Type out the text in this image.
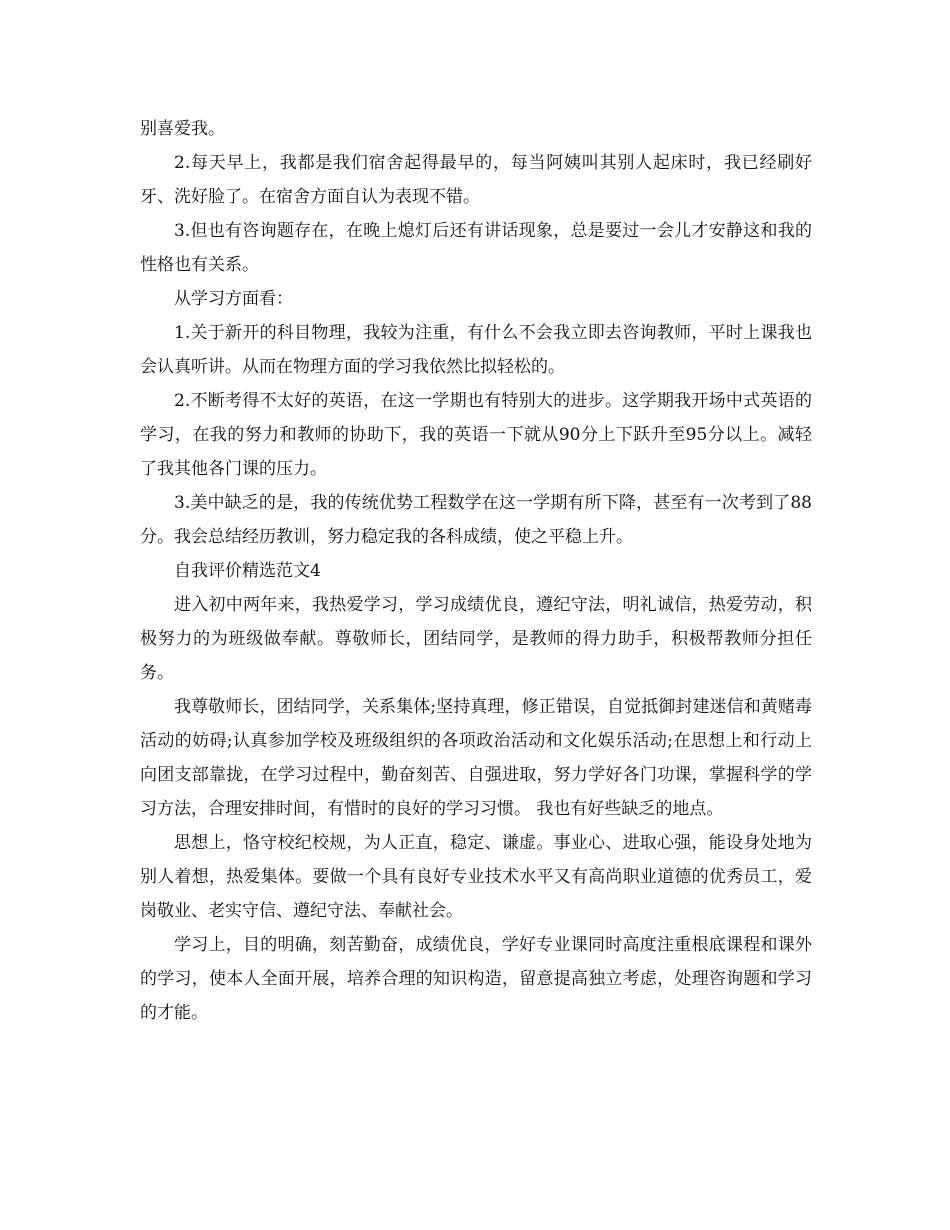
别喜爱我。

2.每天早上，我都是我们宿舍起得最早的，每当阿姨叫其别人起床时，我已经刷好牙、洗好脸了。在宿舍方面自认为表现不错。

3.但也有咨询题存在，在晚上熄灯后还有讲话现象，总是要过一会儿才安静这和我的性格也有关系。

从学习方面看：

1.关于新开的科目物理，我较为注重，有什么不会我立即去咨询教师，平时上课我也会认真听讲。从而在物理方面的学习我依然比拟轻松的。

2.不断考得不太好的英语，在这一学期也有特别大的进步。这学期我开场中式英语的学习，在我的努力和教师的协助下，我的英语一下就从90分上下跃升至95分以上。减轻了我其他各门课的压力。

3.美中缺乏的是，我的传统优势工程数学在这一学期有所下降，甚至有一次考到了88分。我会总结经历教训，努力稳定我的各科成绩，使之平稳上升。

自我评价精选范文4

进入初中两年来，我热爱学习，学习成绩优良，遵纪守法，明礼诚信，热爱劳动，积极努力的为班级做奉献。尊敬师长，团结同学，是教师的得力助手，积极帮教师分担任务。

我尊敬师长，团结同学，关系集体;坚持真理，修正错误，自觉抵御封建迷信和黄赌毒活动的妨碍;认真参加学校及班级组织的各项政治活动和文化娱乐活动;在思想上和行动上向团支部靠拢，在学习过程中，勤奋刻苦、自强进取，努力学好各门功课，掌握科学的学习方法，合理安排时间，有惜时的良好的学习习惯。 我也有好些缺乏的地点。

思想上，恪守校纪校规，为人正直，稳定、谦虚。事业心、进取心强，能设身处地为别人着想，热爱集体。要做一个具有良好专业技术水平又有高尚职业道德的优秀员工，爱岗敬业、老实守信、遵纪守法、奉献社会。

学习上，目的明确，刻苦勤奋，成绩优良，学好专业课同时高度注重根底课程和课外的学习，使本人全面开展，培养合理的知识构造，留意提高独立考虑，处理咨询题和学习的才能。
